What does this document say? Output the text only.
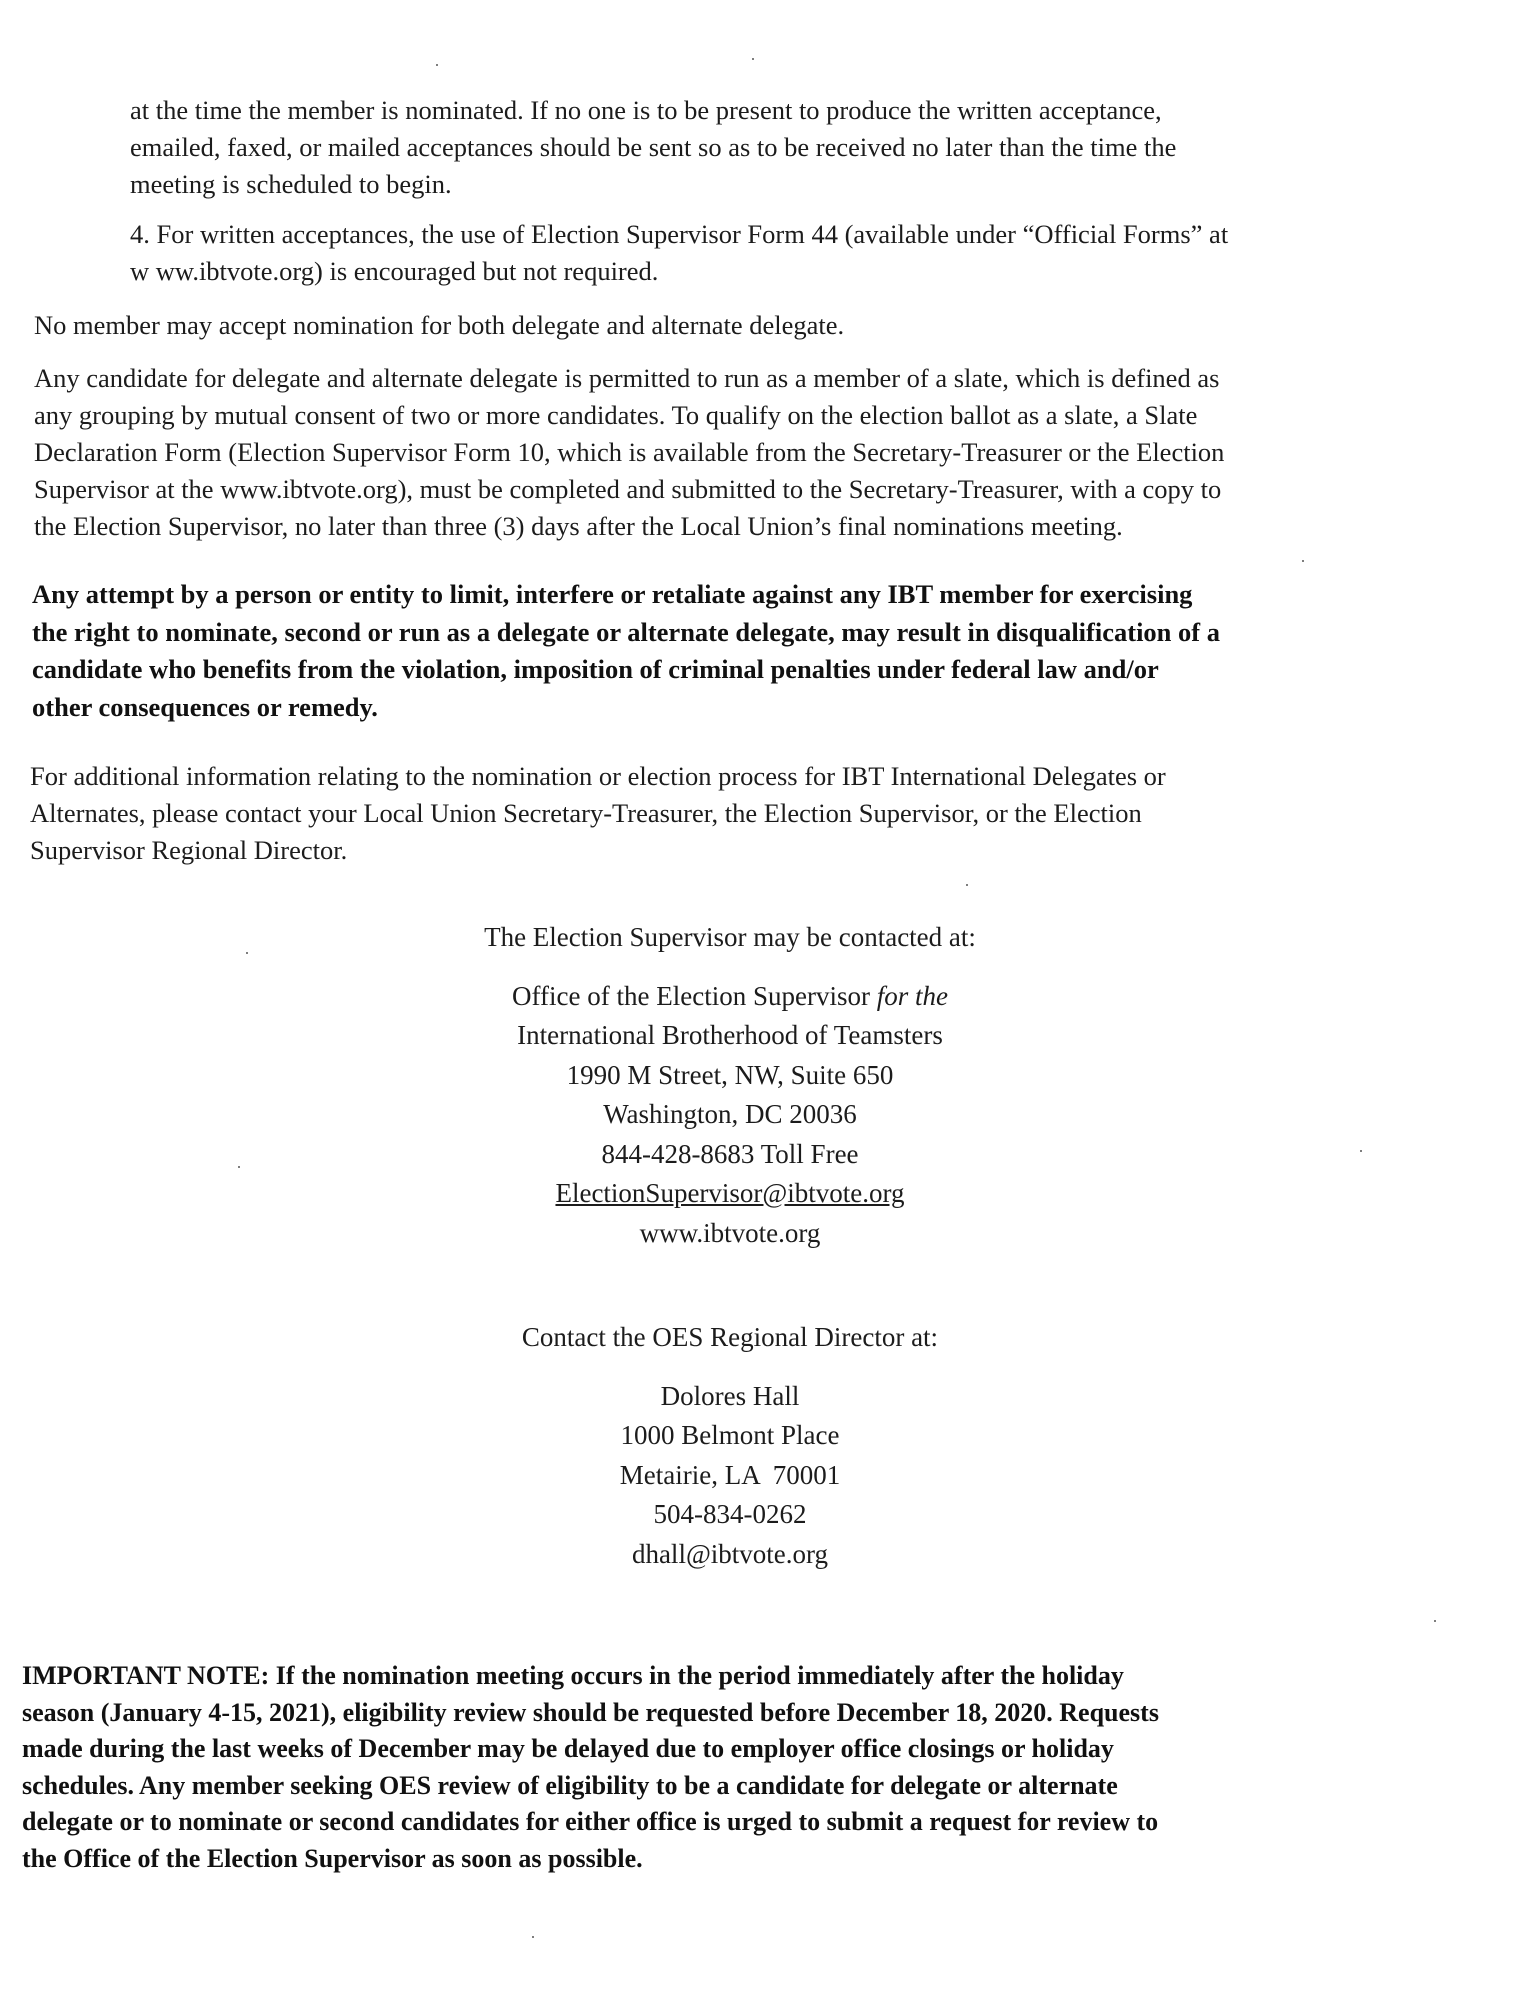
at the time the member is nominated. If no one is to be present to produce the written acceptance,
emailed, faxed, or mailed acceptances should be sent so as to be received no later than the time the
meeting is scheduled to begin.

4. For written acceptances, the use of Election Supervisor Form 44 (available under “Official Forms” at
w ww.ibtvote.org) is encouraged but not required.

No member may accept nomination for both delegate and alternate delegate.

Any candidate for delegate and alternate delegate is permitted to run as a member of a slate, which is defined as
any grouping by mutual consent of two or more candidates. To qualify on the election ballot as a slate, a Slate
Declaration Form (Election Supervisor Form 10, which is available from the Secretary-Treasurer or the Election
Supervisor at the www.ibtvote.org), must be completed and submitted to the Secretary-Treasurer, with a copy to
the Election Supervisor, no later than three (3) days after the Local Union’s final nominations meeting.

Any attempt by a person or entity to limit, interfere or retaliate against any IBT member for exercising
the right to nominate, second or run as a delegate or alternate delegate, may result in disqualification of a
candidate who benefits from the violation, imposition of criminal penalties under federal law and/or
other consequences or remedy.

For additional information relating to the nomination or election process for IBT International Delegates or
Alternates, please contact your Local Union Secretary-Treasurer, the Election Supervisor, or the Election
Supervisor Regional Director.

The Election Supervisor may be contacted at:
Office of the Election Supervisor for the
International Brotherhood of Teamsters
1990 M Street, NW, Suite 650
Washington, DC 20036
844-428-8683 Toll Free
ElectionSupervisor@ibtvote.org
www.ibtvote.org
Contact the OES Regional Director at:
Dolores Hall
1000 Belmont Place
Metairie, LA  70001
504-834-0262
dhall@ibtvote.org

IMPORTANT NOTE: If the nomination meeting occurs in the period immediately after the holiday
season (January 4-15, 2021), eligibility review should be requested before December 18, 2020. Requests
made during the last weeks of December may be delayed due to employer office closings or holiday
schedules. Any member seeking OES review of eligibility to be a candidate for delegate or alternate
delegate or to nominate or second candidates for either office is urged to submit a request for review to
the Office of the Election Supervisor as soon as possible.
